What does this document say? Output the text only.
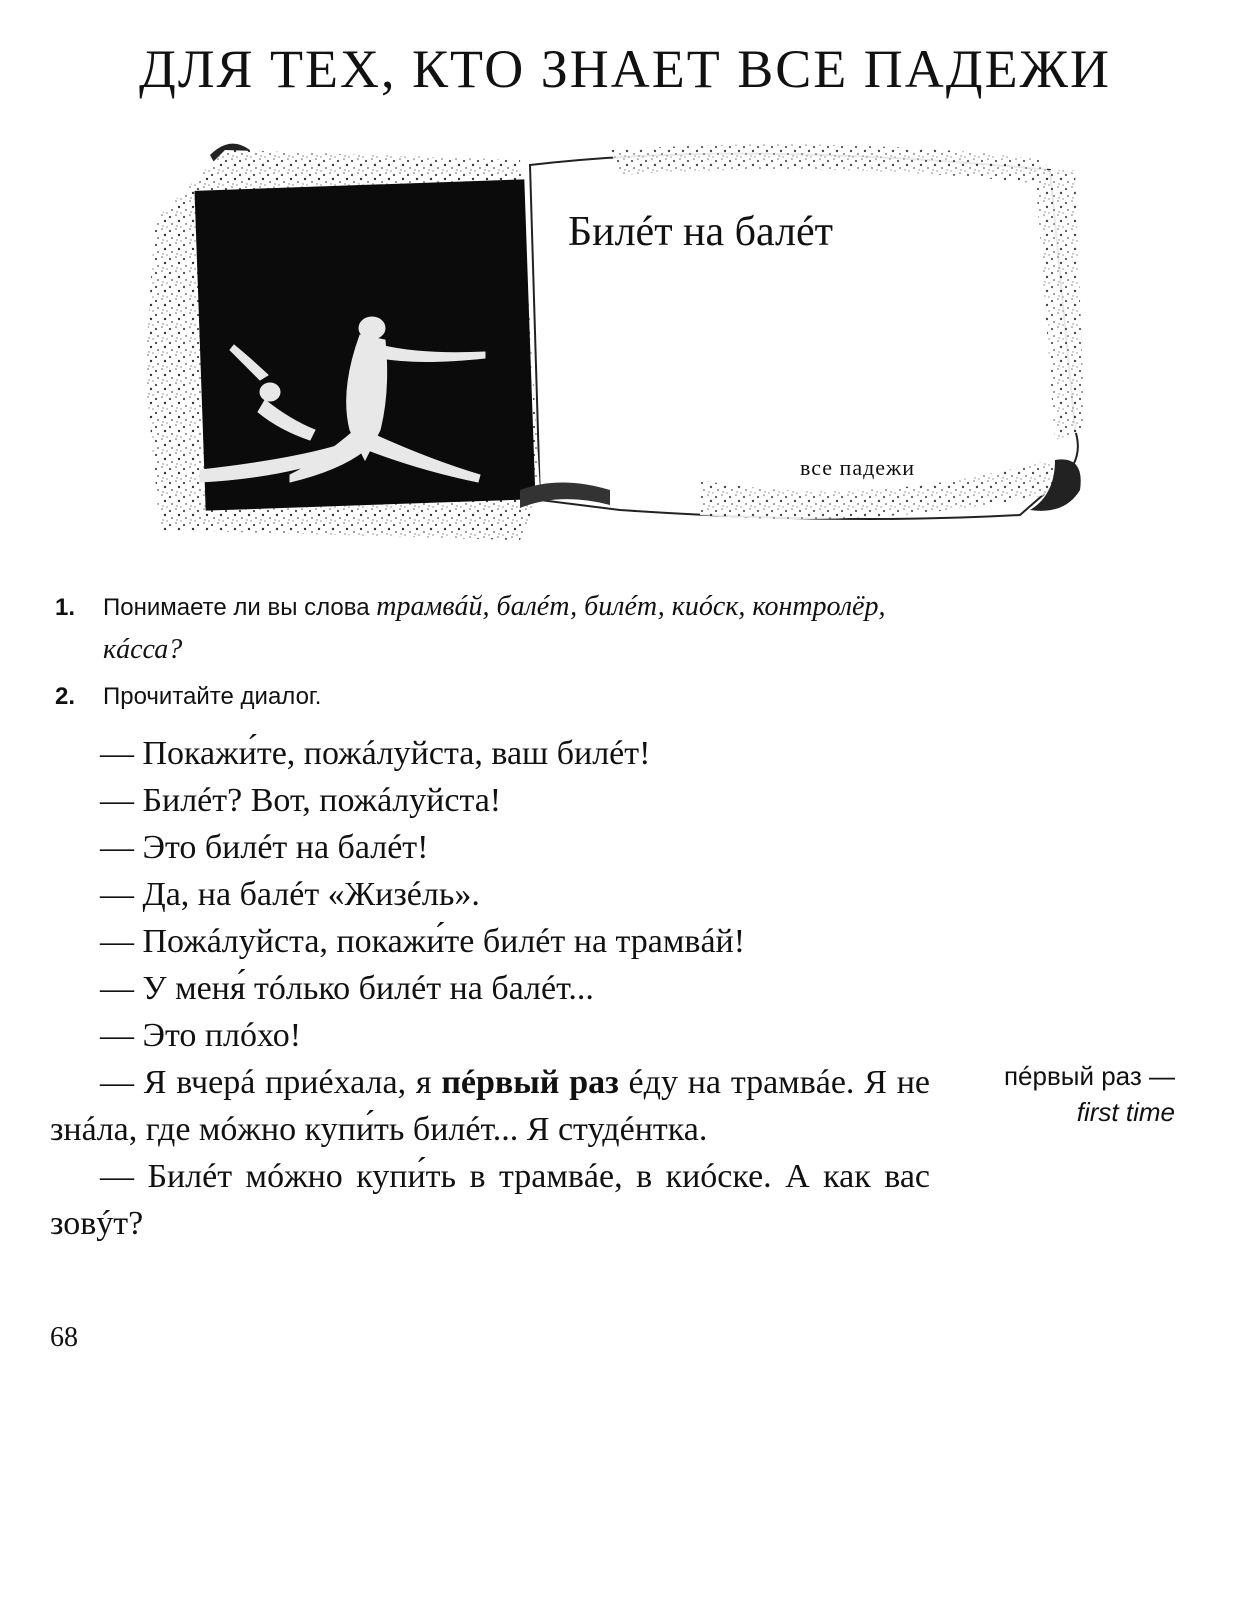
ДЛЯ ТЕХ, КТО ЗНАЕТ ВСЕ ПАДЕЖИ
Билéт на балéт
все падежи
1. Понимаете ли вы слова трамвáй, балéт, билéт, киóск, контролёр,
кáсса?
2. Прочитайте диалог.

— Покажи́те, пожáлуйста, ваш билéт!

— Билéт? Вот, пожáлуйста!

— Это билéт на балéт!

— Да, на балéт «Жизéль».

— Пожáлуйста, покажи́те билéт на трамвáй!

— У меня́ тóлько билéт на балéт...

— Это плóхо!

— Я вчерá приéхала, я пéрвый раз éду на трамвáе. Я не знáла, где мóжно купи́ть билéт... Я студéнтка.

— Билéт мóжно купи́ть в трамвáе, в киóске. А как вас зовýт?

пéрвый раз —
first time
68
